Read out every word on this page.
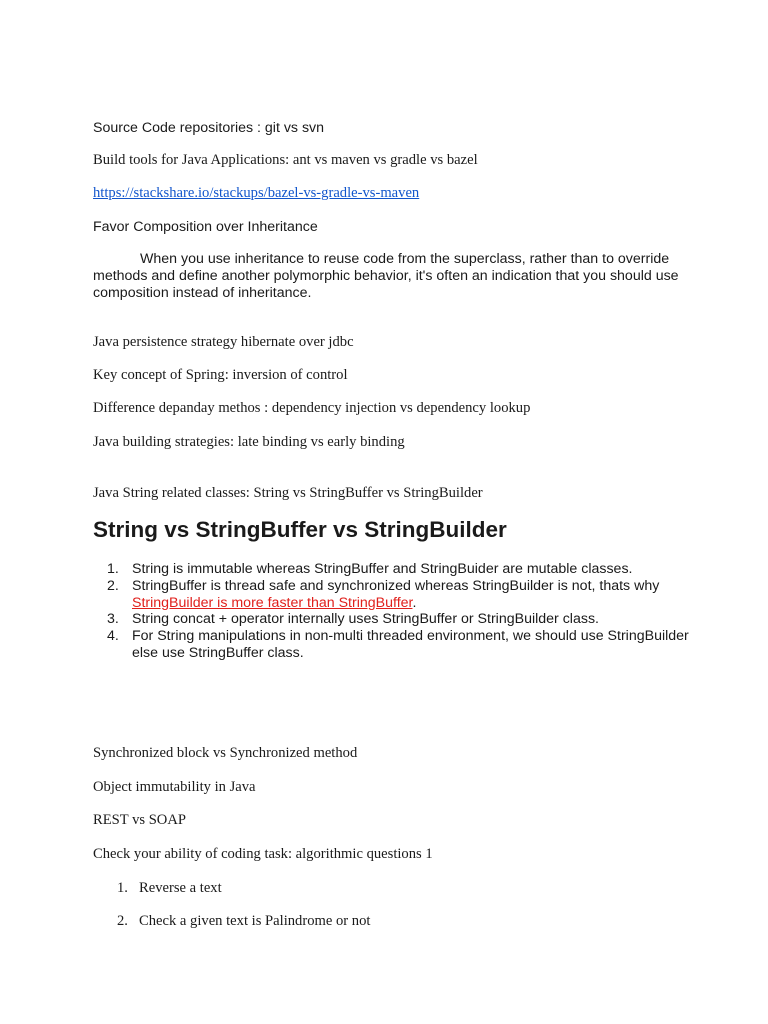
Source Code repositories : git vs svn

Build tools for Java Applications: ant vs maven vs gradle vs bazel

https://stackshare.io/stackups/bazel-vs-gradle-vs-maven

Favor Composition over Inheritance

When you use inheritance to reuse code from the superclass, rather than to override methods and define another polymorphic behavior, it's often an indication that you should use composition instead of inheritance.

Java persistence strategy hibernate over jdbc

Key concept of Spring: inversion of control

Difference depanday methos : dependency injection vs dependency lookup

Java building strategies: late binding vs early binding

Java String related classes: String vs StringBuffer vs StringBuilder

String vs StringBuffer vs StringBuilder
1. String is immutable whereas StringBuffer and StringBuider are mutable classes.
2. StringBuffer is thread safe and synchronized whereas StringBuilder is not, thats why StringBuilder is more faster than StringBuffer.
3. String concat + operator internally uses StringBuffer or StringBuilder class.
4. For String manipulations in non-multi threaded environment, we should use StringBuilder else use StringBuffer class.

Synchronized block vs Synchronized method

Object immutability in Java

REST vs SOAP

Check your ability of coding task: algorithmic questions 1

1. Reverse a text
2. Check a given text is Palindrome or not
